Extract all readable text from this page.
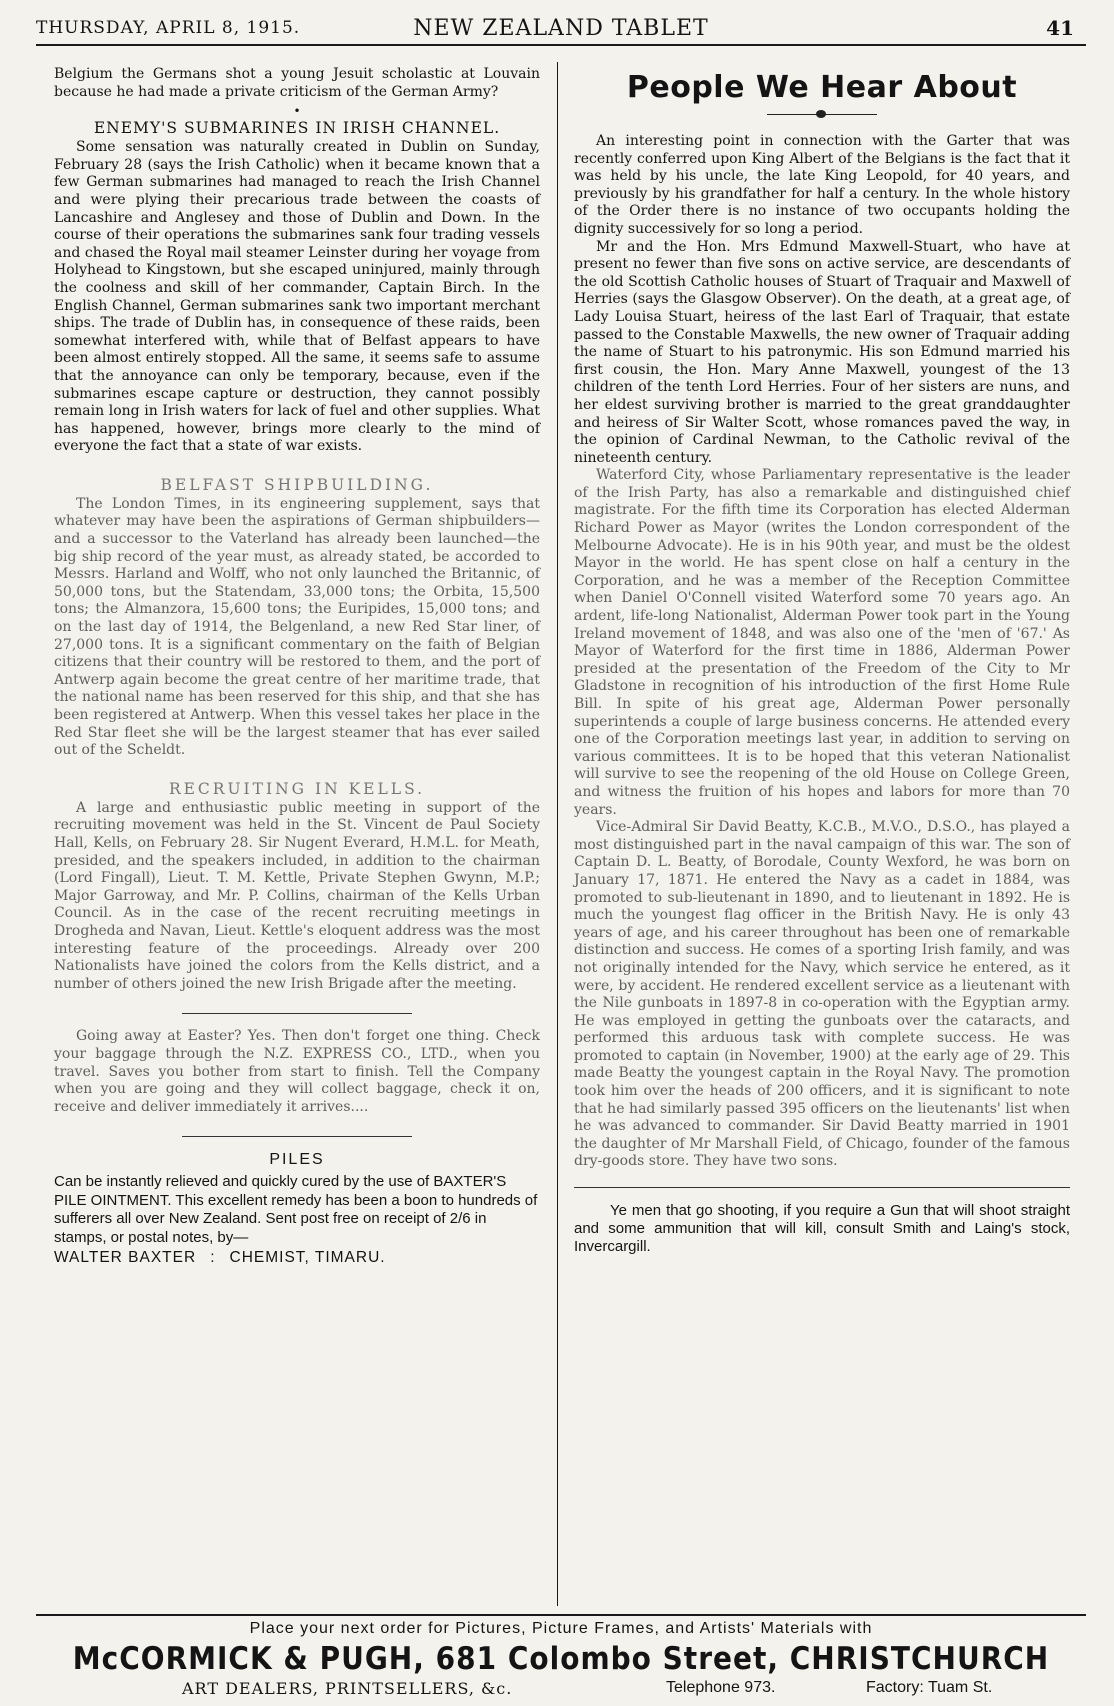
THURSDAY, APRIL 8, 1915.	NEW ZEALAND TABLET	41

Belgium the Germans shot a young Jesuit scholastic at Louvain because he had made a private criticism of the German Army?

•
ENEMY'S SUBMARINES IN IRISH CHANNEL.

Some sensation was naturally created in Dublin on Sunday, February 28 (says the Irish Catholic) when it became known that a few German submarines had managed to reach the Irish Channel and were plying their precarious trade between the coasts of Lancashire and Anglesey and those of Dublin and Down. In the course of their operations the submarines sank four trading vessels and chased the Royal mail steamer Leinster during her voyage from Holyhead to Kingstown, but she escaped uninjured, mainly through the coolness and skill of her commander, Captain Birch. In the English Channel, German submarines sank two important merchant ships. The trade of Dublin has, in consequence of these raids, been somewhat interfered with, while that of Belfast appears to have been almost entirely stopped. All the same, it seems safe to assume that the annoyance can only be temporary, because, even if the submarines escape capture or destruction, they cannot possibly remain long in Irish waters for lack of fuel and other supplies. What has happened, however, brings more clearly to the mind of everyone the fact that a state of war exists.

BELFAST SHIPBUILDING.

The London Times, in its engineering supplement, says that whatever may have been the aspirations of German shipbuilders—and a successor to the Vaterland has already been launched—the big ship record of the year must, as already stated, be accorded to Messrs. Harland and Wolff, who not only launched the Britannic, of 50,000 tons, but the Statendam, 33,000 tons; the Orbita, 15,500 tons; the Almanzora, 15,600 tons; the Euripides, 15,000 tons; and on the last day of 1914, the Belgenland, a new Red Star liner, of 27,000 tons. It is a significant commentary on the faith of Belgian citizens that their country will be restored to them, and the port of Antwerp again become the great centre of her maritime trade, that the national name has been reserved for this ship, and that she has been registered at Antwerp. When this vessel takes her place in the Red Star fleet she will be the largest steamer that has ever sailed out of the Scheldt.

RECRUITING IN KELLS.

A large and enthusiastic public meeting in support of the recruiting movement was held in the St. Vincent de Paul Society Hall, Kells, on February 28. Sir Nugent Everard, H.M.L. for Meath, presided, and the speakers included, in addition to the chairman (Lord Fingall), Lieut. T. M. Kettle, Private Stephen Gwynn, M.P.; Major Garroway, and Mr. P. Collins, chairman of the Kells Urban Council. As in the case of the recent recruiting meetings in Drogheda and Navan, Lieut. Kettle's eloquent address was the most interesting feature of the proceedings. Already over 200 Nationalists have joined the colors from the Kells district, and a number of others joined the new Irish Brigade after the meeting.

Going away at Easter? Yes. Then don't forget one thing. Check your baggage through the N.Z. EXPRESS CO., LTD., when you travel. Saves you bother from start to finish. Tell the Company when you are going and they will collect baggage, check it on, receive and deliver immediately it arrives....

PILES

Can be instantly relieved and quickly cured by the use of BAXTER'S PILE OINTMENT. This excellent remedy has been a boon to hundreds of sufferers all over New Zealand. Sent post free on receipt of 2/6 in stamps, or postal notes, by—

WALTER BAXTER : CHEMIST, TIMARU.
People We Hear About

An interesting point in connection with the Garter that was recently conferred upon King Albert of the Belgians is the fact that it was held by his uncle, the late King Leopold, for 40 years, and previously by his grandfather for half a century. In the whole history of the Order there is no instance of two occupants holding the dignity successively for so long a period.

Mr and the Hon. Mrs Edmund Maxwell-Stuart, who have at present no fewer than five sons on active service, are descendants of the old Scottish Catholic houses of Stuart of Traquair and Maxwell of Herries (says the Glasgow Observer). On the death, at a great age, of Lady Louisa Stuart, heiress of the last Earl of Traquair, that estate passed to the Constable Maxwells, the new owner of Traquair adding the name of Stuart to his patronymic. His son Edmund married his first cousin, the Hon. Mary Anne Maxwell, youngest of the 13 children of the tenth Lord Herries. Four of her sisters are nuns, and her eldest surviving brother is married to the great granddaughter and heiress of Sir Walter Scott, whose romances paved the way, in the opinion of Cardinal Newman, to the Catholic revival of the nineteenth century.

Waterford City, whose Parliamentary representative is the leader of the Irish Party, has also a remarkable and distinguished chief magistrate. For the fifth time its Corporation has elected Alderman Richard Power as Mayor (writes the London correspondent of the Melbourne Advocate). He is in his 90th year, and must be the oldest Mayor in the world. He has spent close on half a century in the Corporation, and he was a member of the Reception Committee when Daniel O'Connell visited Waterford some 70 years ago. An ardent, life-long Nationalist, Alderman Power took part in the Young Ireland movement of 1848, and was also one of the 'men of '67.' As Mayor of Waterford for the first time in 1886, Alderman Power presided at the presentation of the Freedom of the City to Mr Gladstone in recognition of his introduction of the first Home Rule Bill. In spite of his great age, Alderman Power personally superintends a couple of large business concerns. He attended every one of the Corporation meetings last year, in addition to serving on various committees. It is to be hoped that this veteran Nationalist will survive to see the reopening of the old House on College Green, and witness the fruition of his hopes and labors for more than 70 years.

Vice-Admiral Sir David Beatty, K.C.B., M.V.O., D.S.O., has played a most distinguished part in the naval campaign of this war. The son of Captain D. L. Beatty, of Borodale, County Wexford, he was born on January 17, 1871. He entered the Navy as a cadet in 1884, was promoted to sub-lieutenant in 1890, and to lieutenant in 1892. He is much the youngest flag officer in the British Navy. He is only 43 years of age, and his career throughout has been one of remarkable distinction and success. He comes of a sporting Irish family, and was not originally intended for the Navy, which service he entered, as it were, by accident. He rendered excellent service as a lieutenant with the Nile gunboats in 1897-8 in co-operation with the Egyptian army. He was employed in getting the gunboats over the cataracts, and performed this arduous task with complete success. He was promoted to captain (in November, 1900) at the early age of 29. This made Beatty the youngest captain in the Royal Navy. The promotion took him over the heads of 200 officers, and it is significant to note that he had similarly passed 395 officers on the lieutenants' list when he was advanced to commander. Sir David Beatty married in 1901 the daughter of Mr Marshall Field, of Chicago, founder of the famous dry-goods store. They have two sons.

Ye men that go shooting, if you require a Gun that will shoot straight and some ammunition that will kill, consult Smith and Laing's stock, Invercargill.

Place your next order for Pictures, Picture Frames, and Artists' Materials with
McCORMICK & PUGH, 681 Colombo Street, CHRISTCHURCH
ART DEALERS, PRINTSELLERS, &c.	Telephone 973.	Factory: Tuam St.
